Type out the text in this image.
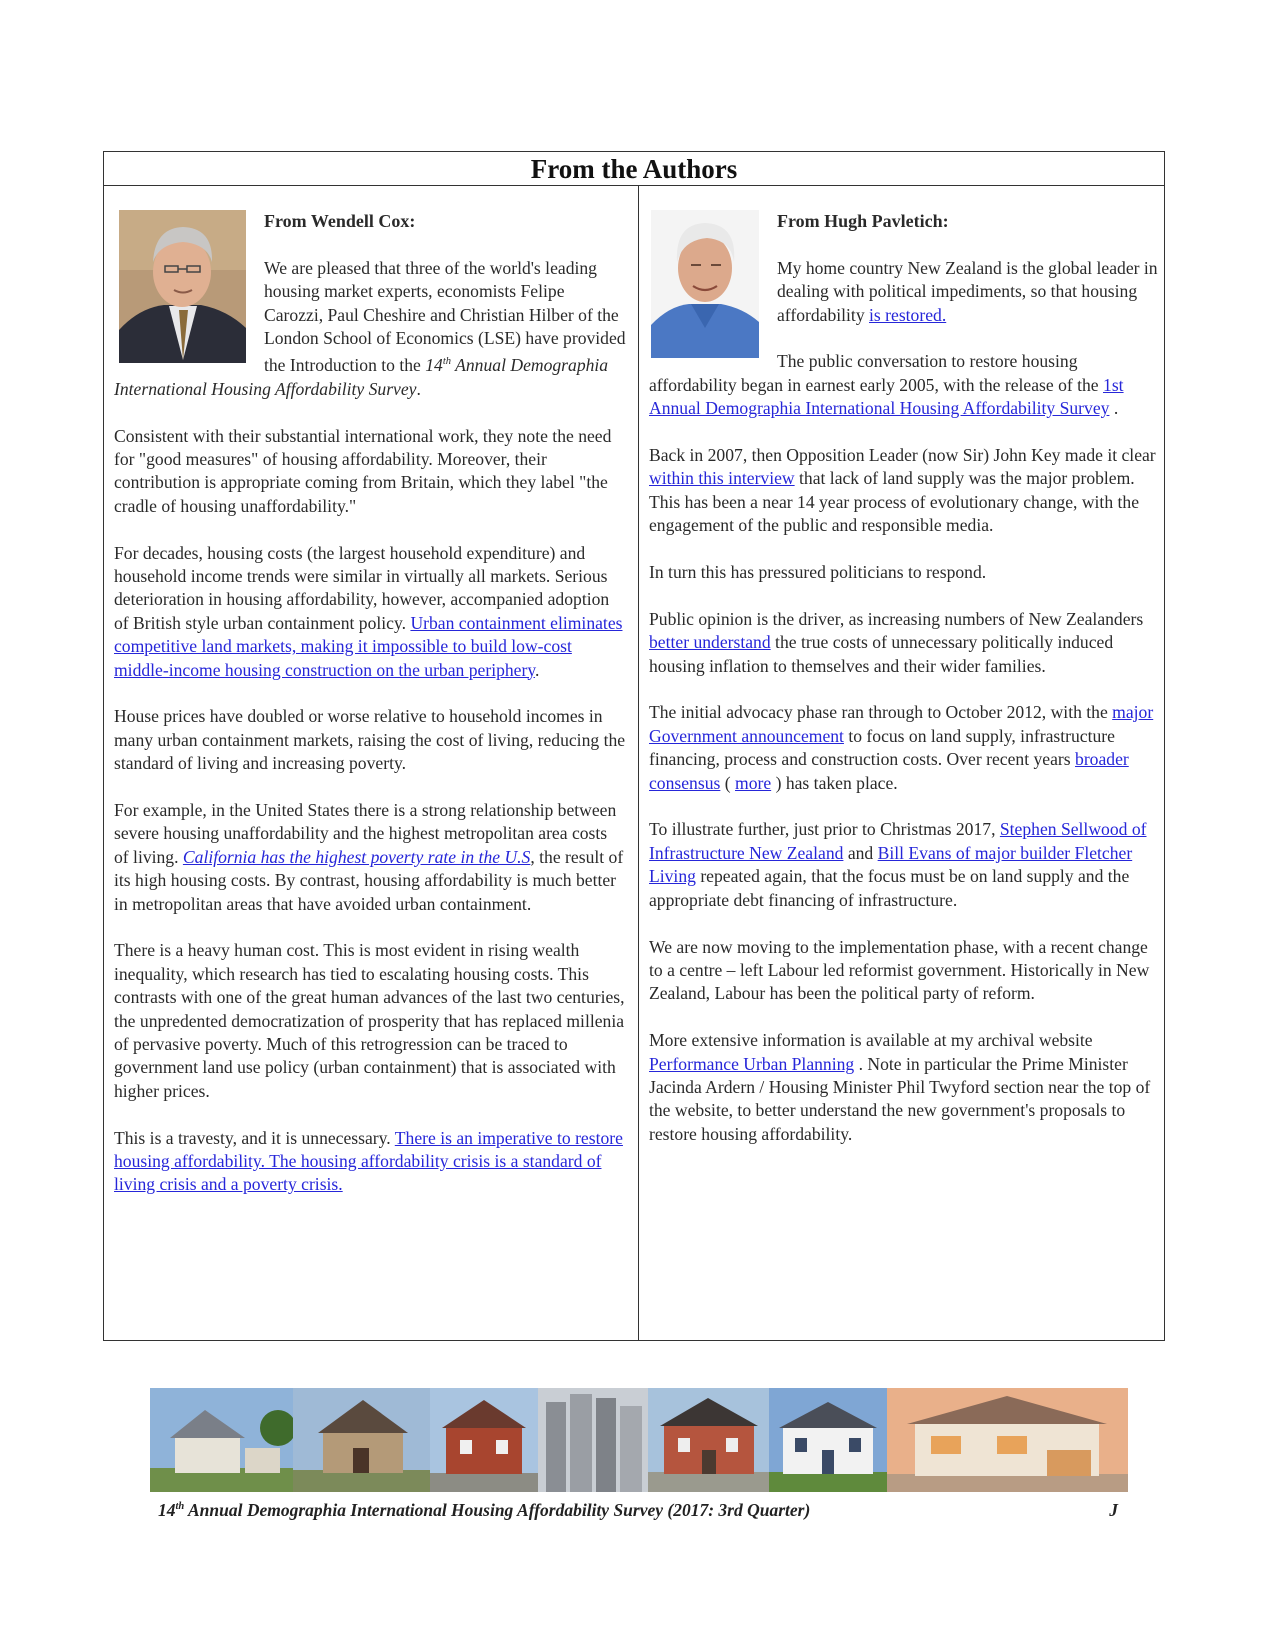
From the Authors

From Wendell Cox:

We are pleased that three of the world's leading housing market experts, economists Felipe Carozzi, Paul Cheshire and Christian Hilber of the London School of Economics (LSE) have provided the Introduction to the 14th Annual Demographia International Housing Affordability Survey.

Consistent with their substantial international work, they note the need for "good measures" of housing affordability. Moreover, their contribution is appropriate coming from Britain, which they label "the cradle of housing unaffordability."

For decades, housing costs (the largest household expenditure) and household income trends were similar in virtually all markets. Serious deterioration in housing affordability, however, accompanied adoption of British style urban containment policy. Urban containment eliminates competitive land markets, making it impossible to build low-cost middle-income housing construction on the urban periphery.

House prices have doubled or worse relative to household incomes in many urban containment markets, raising the cost of living, reducing the standard of living and increasing poverty.

For example, in the United States there is a strong relationship between severe housing unaffordability and the highest metropolitan area costs of living. California has the highest poverty rate in the U.S, the result of its high housing costs. By contrast, housing affordability is much better in metropolitan areas that have avoided urban containment.

There is a heavy human cost. This is most evident in rising wealth inequality, which research has tied to escalating housing costs. This contrasts with one of the great human advances of the last two centuries, the unpredented democratization of prosperity that has replaced millenia of pervasive poverty. Much of this retrogression can be traced to government land use policy (urban containment) that is associated with higher prices.

This is a travesty, and it is unnecessary. There is an imperative to restore housing affordability. The housing affordability crisis is a standard of living crisis and a poverty crisis.

From Hugh Pavletich:

My home country New Zealand is the global leader in dealing with political impediments, so that housing affordability is restored.

The public conversation to restore housing affordability began in earnest early 2005, with the release of the 1st Annual Demographia International Housing Affordability Survey .

Back in 2007, then Opposition Leader (now Sir) John Key made it clear within this interview that lack of land supply was the major problem. This has been a near 14 year process of evolutionary change, with the engagement of the public and responsible media.

In turn this has pressured politicians to respond.

Public opinion is the driver, as increasing numbers of New Zealanders better understand the true costs of unnecessary politically induced housing inflation to themselves and their wider families.

The initial advocacy phase ran through to October 2012, with the major Government announcement to focus on land supply, infrastructure financing, process and construction costs. Over recent years broader consensus ( more ) has taken place.

To illustrate further, just prior to Christmas 2017, Stephen Sellwood of Infrastructure New Zealand and Bill Evans of major builder Fletcher Living repeated again, that the focus must be on land supply and the appropriate debt financing of infrastructure.

We are now moving to the implementation phase, with a recent change to a centre – left Labour led reformist government. Historically in New Zealand, Labour has been the political party of reform.

More extensive information is available at my archival website Performance Urban Planning . Note in particular the Prime Minister Jacinda Ardern / Housing Minister Phil Twyford section near the top of the website, to better understand the new government's proposals to restore housing affordability.

14th Annual Demographia International Housing Affordability Survey (2017: 3rd Quarter)	J
